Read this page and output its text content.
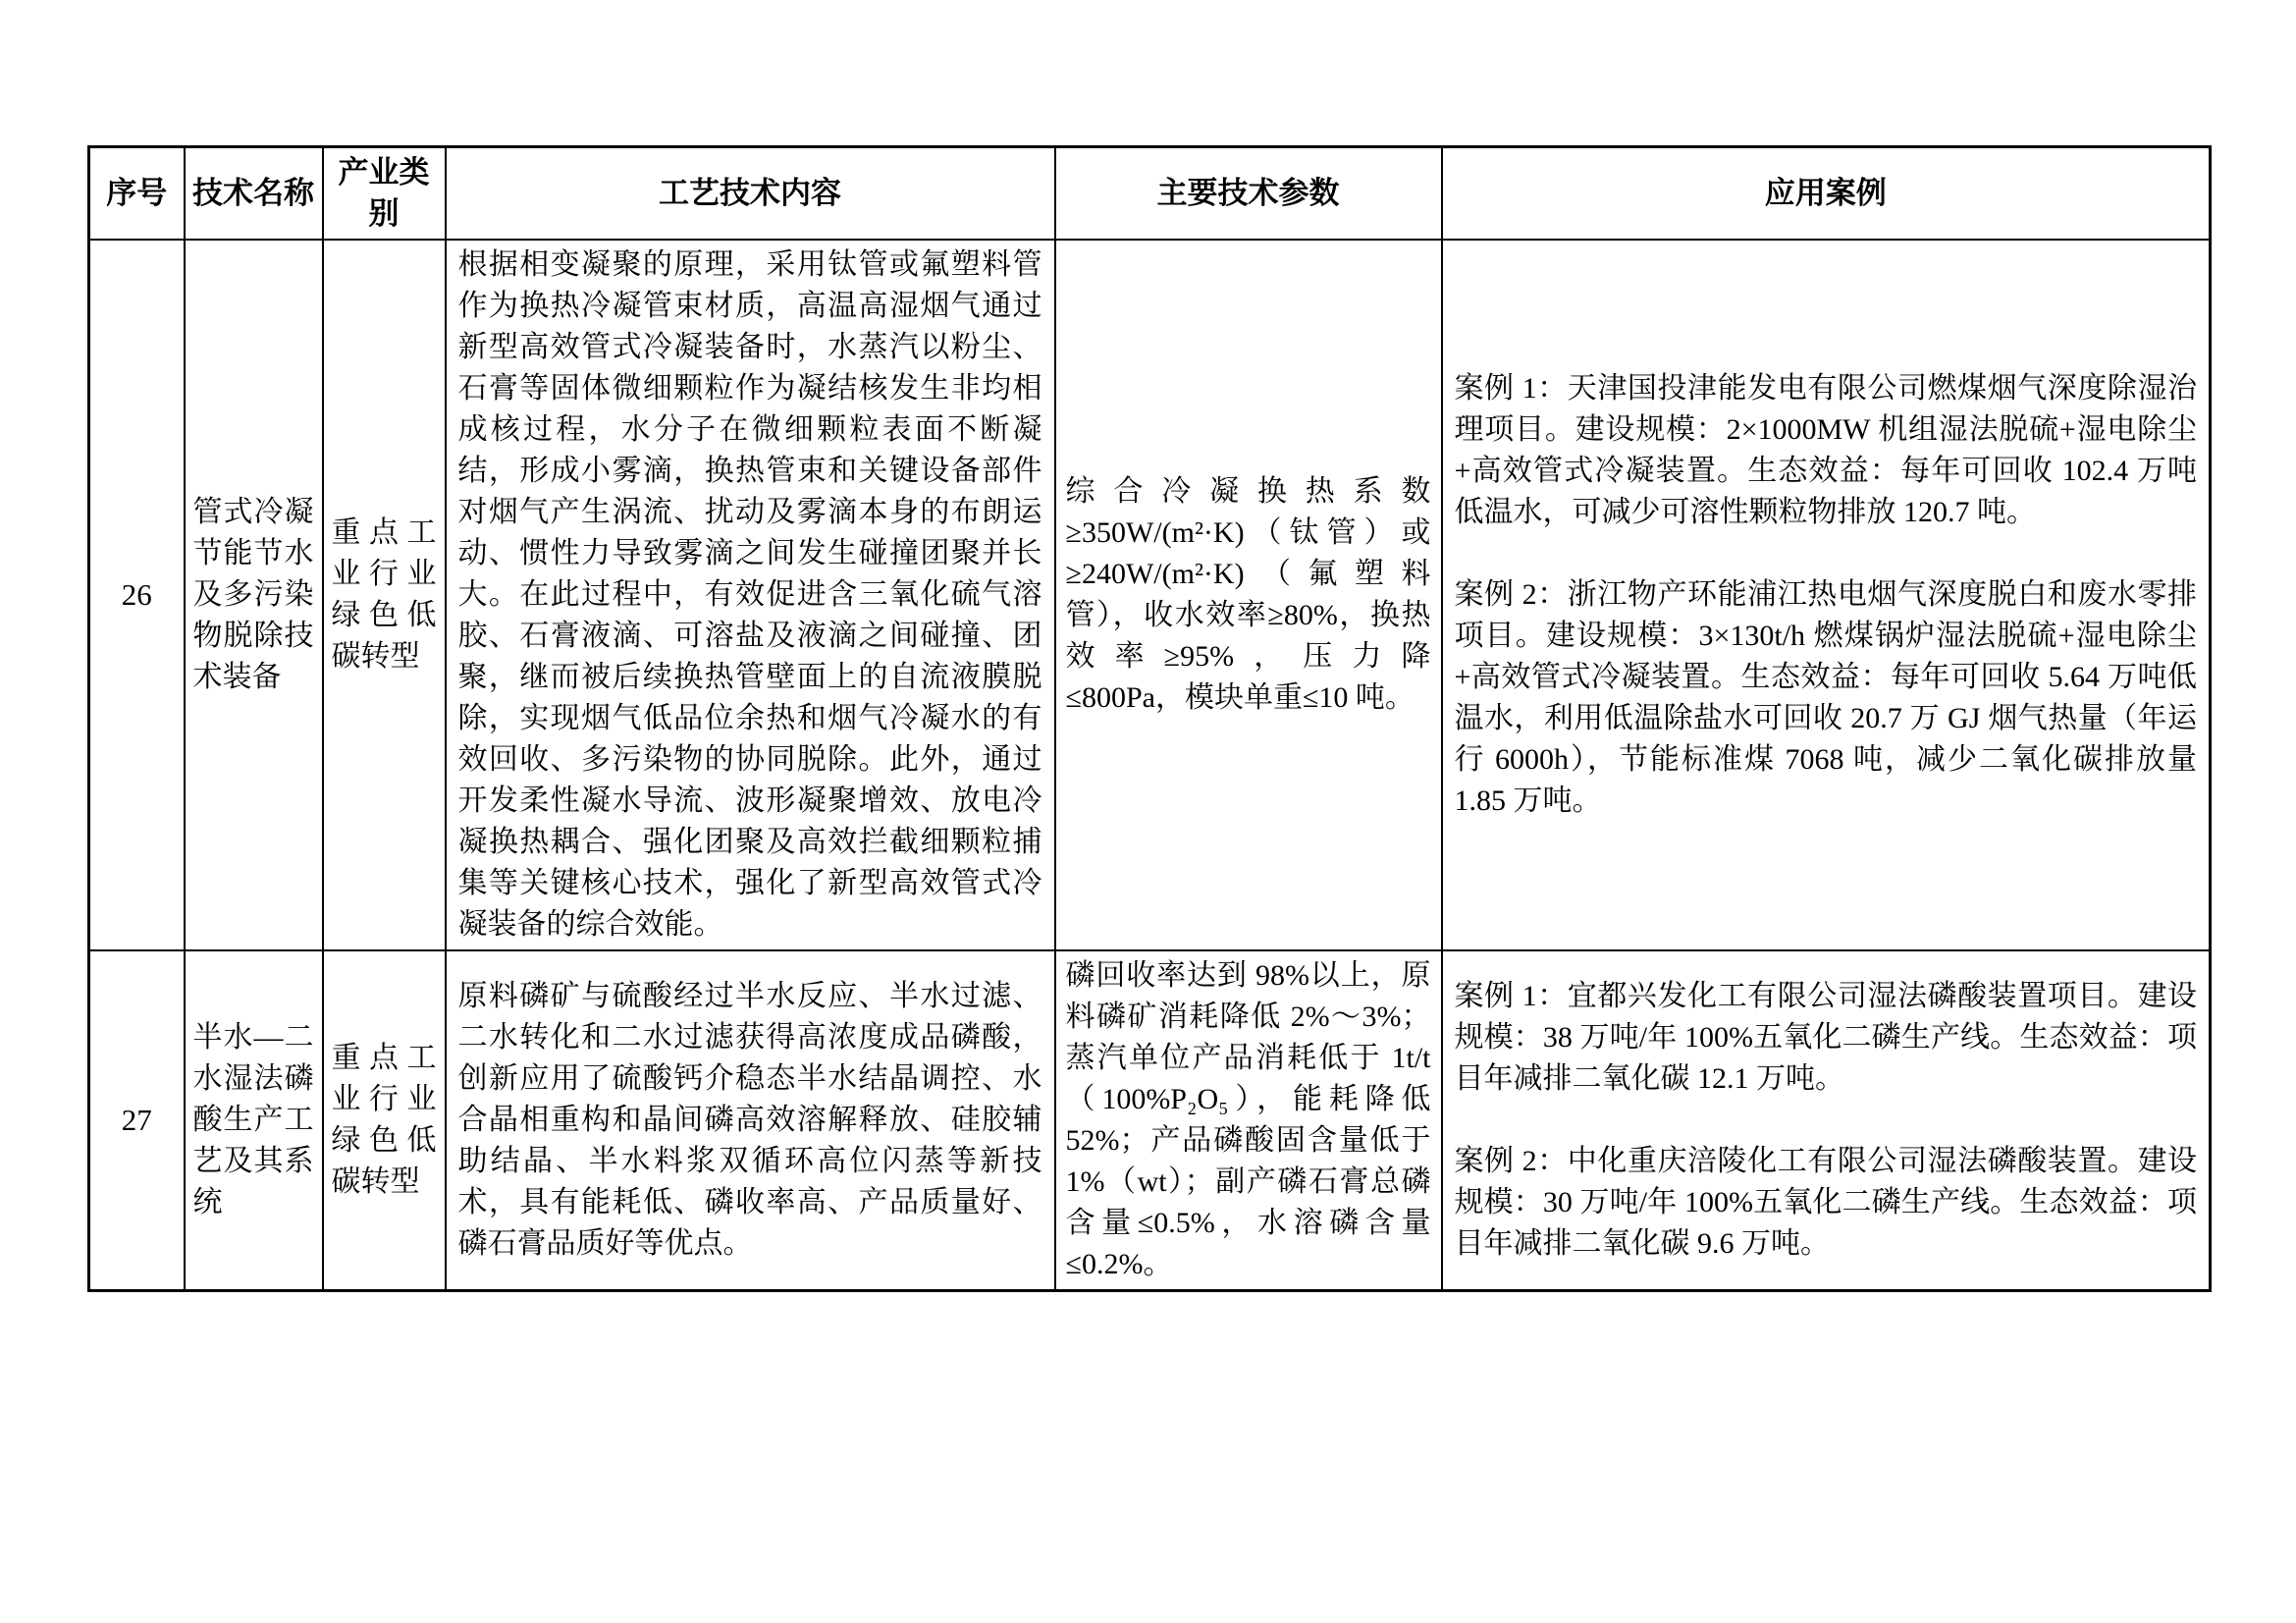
序号	技术名称	产业类别	工艺技术内容	主要技术参数	应用案例
26	管式冷凝节能节水及多污染物脱除技术装备	重点工业行业绿色低碳转型	根据相变凝聚的原理，采用钛管或氟塑料管作为换热冷凝管束材质，高温高湿烟气通过新型高效管式冷凝装备时，水蒸汽以粉尘、石膏等固体微细颗粒作为凝结核发生非均相成核过程，水分子在微细颗粒表面不断凝结，形成小雾滴，换热管束和关键设备部件对烟气产生涡流、扰动及雾滴本身的布朗运动、惯性力导致雾滴之间发生碰撞团聚并长大。在此过程中，有效促进含三氧化硫气溶胶、石膏液滴、可溶盐及液滴之间碰撞、团聚，继而被后续换热管壁面上的自流液膜脱除，实现烟气低品位余热和烟气冷凝水的有效回收、多污染物的协同脱除。此外，通过开发柔性凝水导流、波形凝聚增效、放电冷凝换热耦合、强化团聚及高效拦截细颗粒捕集等关键核心技术，强化了新型高效管式冷凝装备的综合效能。	综合冷凝换热系数≥350W/(m²·K)（钛管）或≥240W/(m²·K)（氟塑料管），收水效率≥80%，换热效率≥95%，压力降≤800Pa，模块单重≤10 吨。	

案例 1：天津国投津能发电有限公司燃煤烟气深度除湿治理项目。建设规模：2×1000MW 机组湿法脱硫+湿电除尘+高效管式冷凝装置。生态效益：每年可回收 102.4 万吨低温水，可减少可溶性颗粒物排放 120.7 吨。

案例 2：浙江物产环能浦江热电烟气深度脱白和废水零排项目。建设规模：3×130t/h 燃煤锅炉湿法脱硫+湿电除尘+高效管式冷凝装置。生态效益：每年可回收 5.64 万吨低温水，利用低温除盐水可回收 20.7 万 GJ 烟气热量（年运行 6000h），节能标准煤 7068 吨，减少二氧化碳排放量 1.85 万吨。

27	半水—二水湿法磷酸生产工艺及其系统	重点工业行业绿色低碳转型	原料磷矿与硫酸经过半水反应、半水过滤、二水转化和二水过滤获得高浓度成品磷酸，创新应用了硫酸钙介稳态半水结晶调控、水合晶相重构和晶间磷高效溶解释放、硅胶辅助结晶、半水料浆双循环高位闪蒸等新技术，具有能耗低、磷收率高、产品质量好、磷石膏品质好等优点。	磷回收率达到 98%以上，原料磷矿消耗降低 2%～3%；蒸汽单位产品消耗低于 1t/t（100%P₂O₅），能耗降低 52%；产品磷酸固含量低于 1%（wt）；副产磷石膏总磷含量≤0.5%，水溶磷含量≤0.2%。	案例 1：宜都兴发化工有限公司湿法磷酸装置项目。建设规模：38 万吨/年 100%五氧化二磷生产线。生态效益：项目年减排二氧化碳 12.1 万吨。

案例 2：中化重庆涪陵化工有限公司湿法磷酸装置。建设规模：30 万吨/年 100%五氧化二磷生产线。生态效益：项目年减排二氧化碳 9.6 万吨。
